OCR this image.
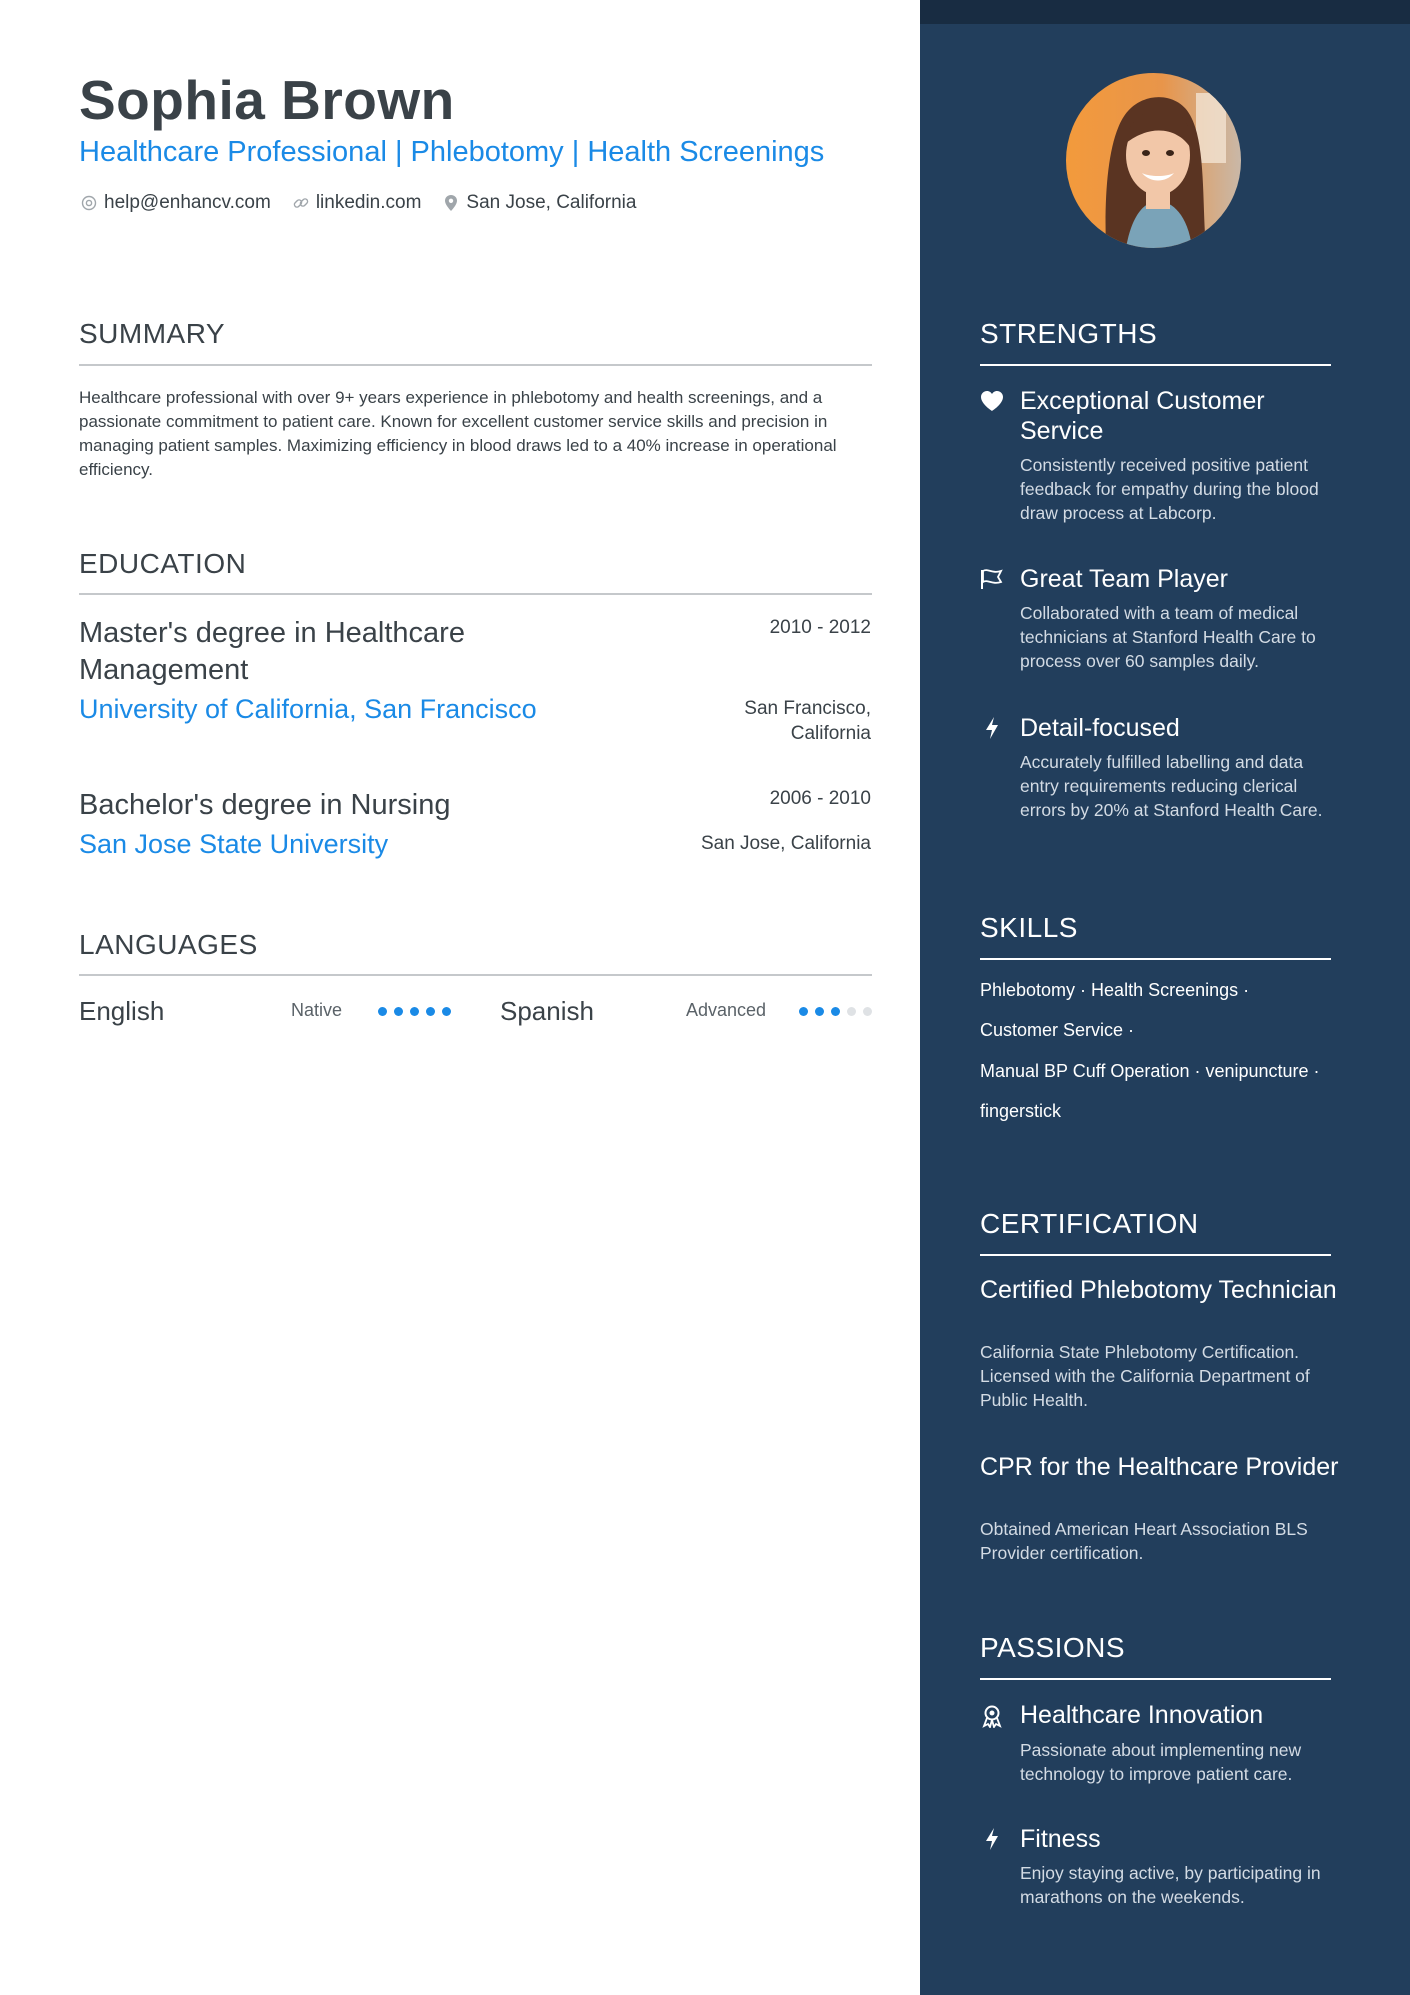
Sophia Brown
Healthcare Professional | Phlebotomy | Health Screenings
help@enhancv.com linkedin.com San Jose, California
SUMMARY
Healthcare professional with over 9+ years experience in phlebotomy and health screenings, and a passionate commitment to patient care. Known for excellent customer service skills and precision in managing patient samples. Maximizing efficiency in blood draws led to a 40% increase in operational efficiency.
EDUCATION
Master's degree in Healthcare Management
2010 - 2012
University of California, San Francisco	San Francisco, California
Bachelor's degree in Nursing	2006 - 2010
San Jose State University	San Jose, California
LANGUAGES
English	Native	Spanish	Advanced
STRENGTHS
Exceptional Customer Service
Consistently received positive patient feedback for empathy during the blood draw process at Labcorp.
Great Team Player
Collaborated with a team of medical technicians at Stanford Health Care to process over 60 samples daily.
Detail-focused
Accurately fulfilled labelling and data entry requirements reducing clerical errors by 20% at Stanford Health Care.
SKILLS
Phlebotomy · Health Screenings ·
Customer Service ·
Manual BP Cuff Operation · venipuncture ·
fingerstick
CERTIFICATION
Certified Phlebotomy Technician
California State Phlebotomy Certification. Licensed with the California Department of Public Health.
CPR for the Healthcare Provider
Obtained American Heart Association BLS Provider certification.
PASSIONS
Healthcare Innovation
Passionate about implementing new technology to improve patient care.
Fitness
Enjoy staying active, by participating in marathons on the weekends.
